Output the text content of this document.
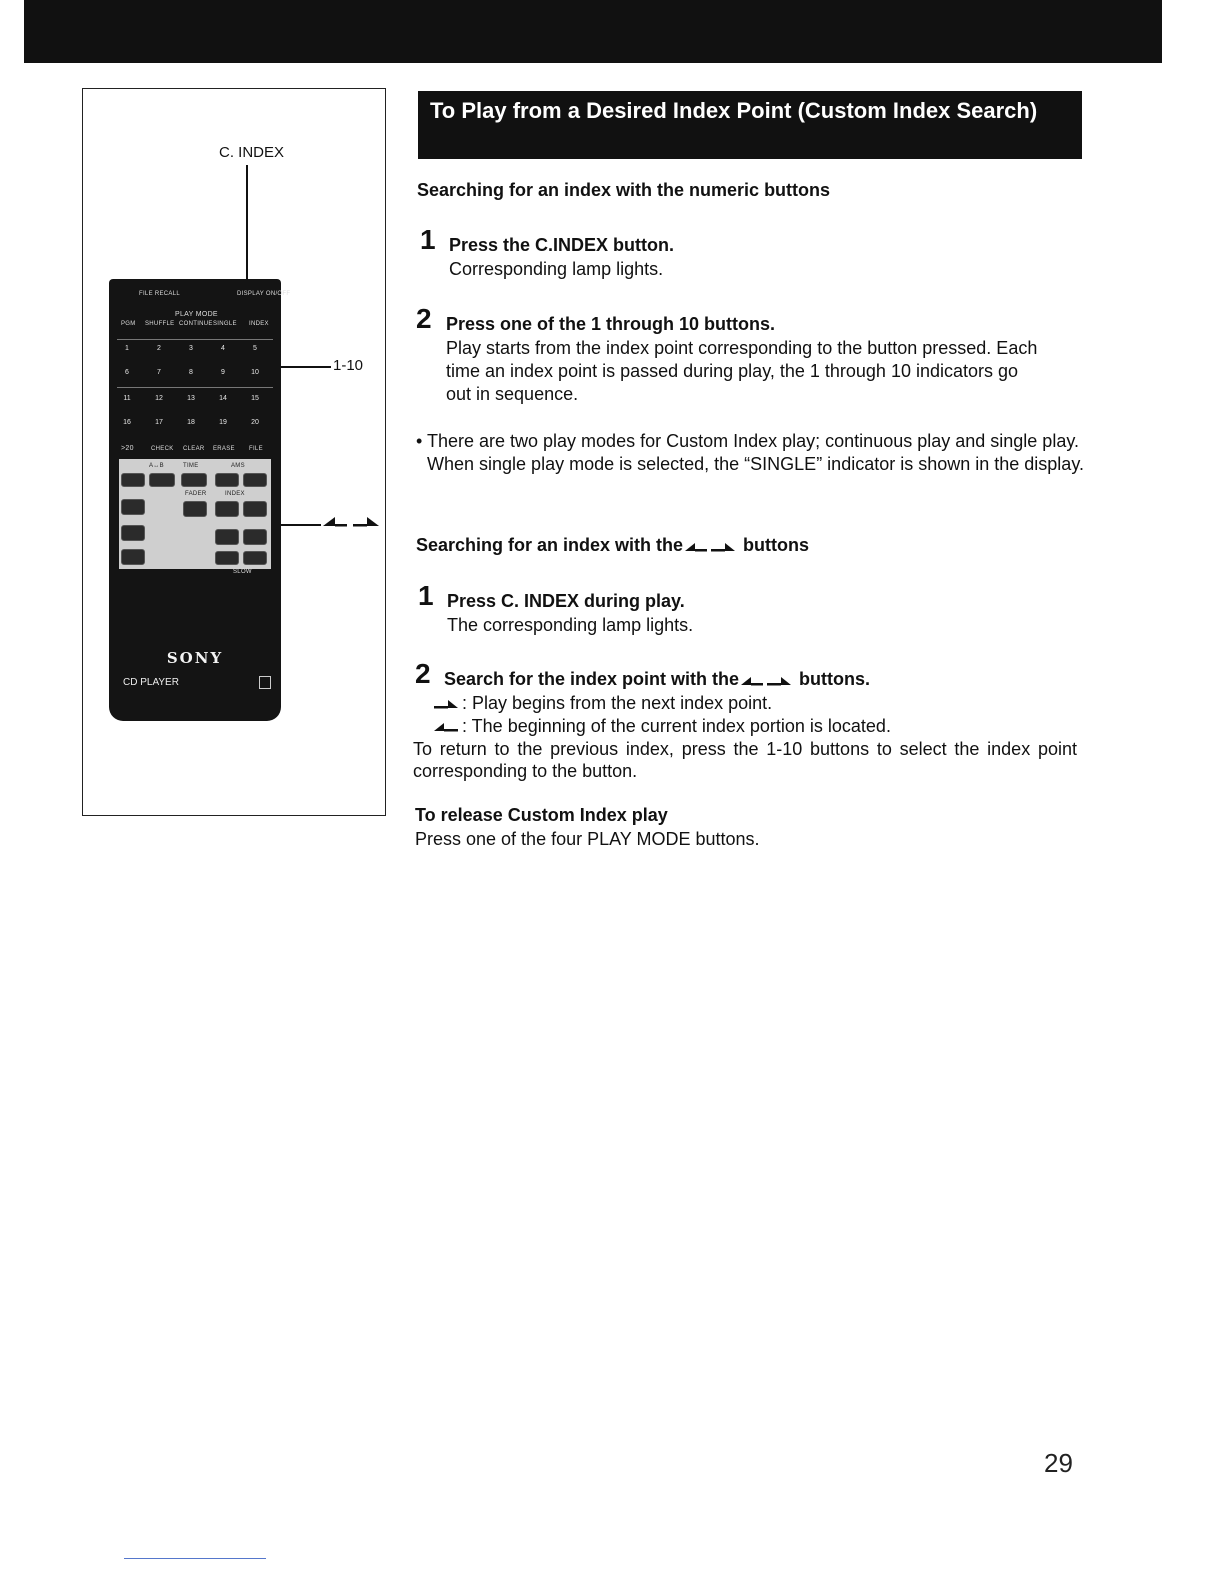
C. INDEX
1-10
FILE RECALL	DISPLAY ON/OFF
PLAY MODE
PGM SHUFFLE CONTINUE SINGLE INDEX
1	2	3	4	5
6	7	8	9	10
11	12	13	14	15
16	17	18	19	20
>20	CHECK CLEAR ERASE FILE
A↔B	TIME	AMS
FADER	INDEX
SLOW
SONY
CD PLAYER
To Play from a Desired Index Point (Custom Index Search)
Searching for an index with the numeric buttons
1 Press the C.INDEX button.
Corresponding lamp lights.
2 Press one of the 1 through 10 buttons.
Play starts from the index point corresponding to the button pressed. Each time an index point is passed during play, the 1 through 10 indicators go out in sequence.
• There are two play modes for Custom Index play; continuous play and single play. When single play mode is selected, the “SINGLE” indicator is shown in the display.
Searching for an index with the	buttons
1 Press C. INDEX during play.
The corresponding lamp lights.
2 Search for the index point with the	buttons.
: Play begins from the next index point.
: The beginning of the current index portion is located.
To return to the previous index, press the 1-10 buttons to select the index point corresponding to the button.
To release Custom Index play
Press one of the four PLAY MODE buttons.
29
